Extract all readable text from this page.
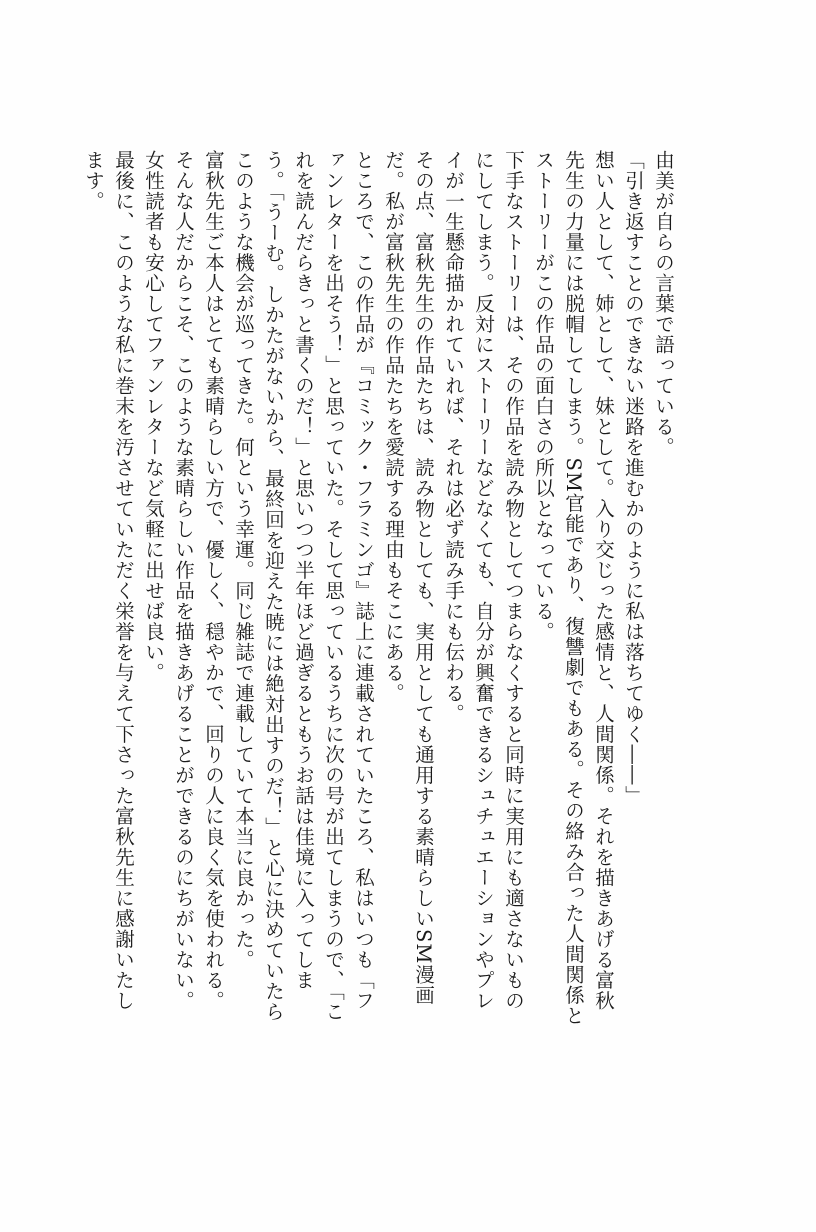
由美が自らの言葉で語っている。

「引き返すことのできない迷路を進むかのように私は落ちてゆく――」

想い人として、姉として、妹として。入り交じった感情と、人間関係。それを描きあげる富秋先生の力量には脱帽してしまう。SM官能であり、復讐劇でもある。その絡み合った人間関係とストーリーがこの作品の面白さの所以となっている。

下手なストーリーは、その作品を読み物としてつまらなくすると同時に実用にも適さないものにしてしまう。反対にストーリーなどなくても、自分が興奮できるシュチュエーションやプレイが一生懸命描かれていれば、それは必ず読み手にも伝わる。

その点、富秋先生の作品たちは、読み物としても、実用としても通用する素晴らしいSM漫画だ。私が富秋先生の作品たちを愛読する理由もそこにある。

ところで、この作品が『コミック・フラミンゴ』誌上に連載されていたころ、私はいつも「ファンレターを出そう！」と思っていた。そして思っているうちに次の号が出てしまうので、「これを読んだらきっと書くのだ！」と思いつつ半年ほど過ぎるともうお話は佳境に入ってしまう。「うーむ。しかたがないから、最終回を迎えた暁には絶対出すのだ！」と心に決めていたらこのような機会が巡ってきた。何という幸運。同じ雑誌で連載していて本当に良かった。

富秋先生ご本人はとても素晴らしい方で、優しく、穏やかで、回りの人に良く気を使われる。そんな人だからこそ、このような素晴らしい作品を描きあげることができるのにちがいない。女性読者も安心してファンレターなど気軽に出せば良い。

最後に、このような私に巻末を汚させていただく栄誉を与えて下さった富秋先生に感謝いたします。
